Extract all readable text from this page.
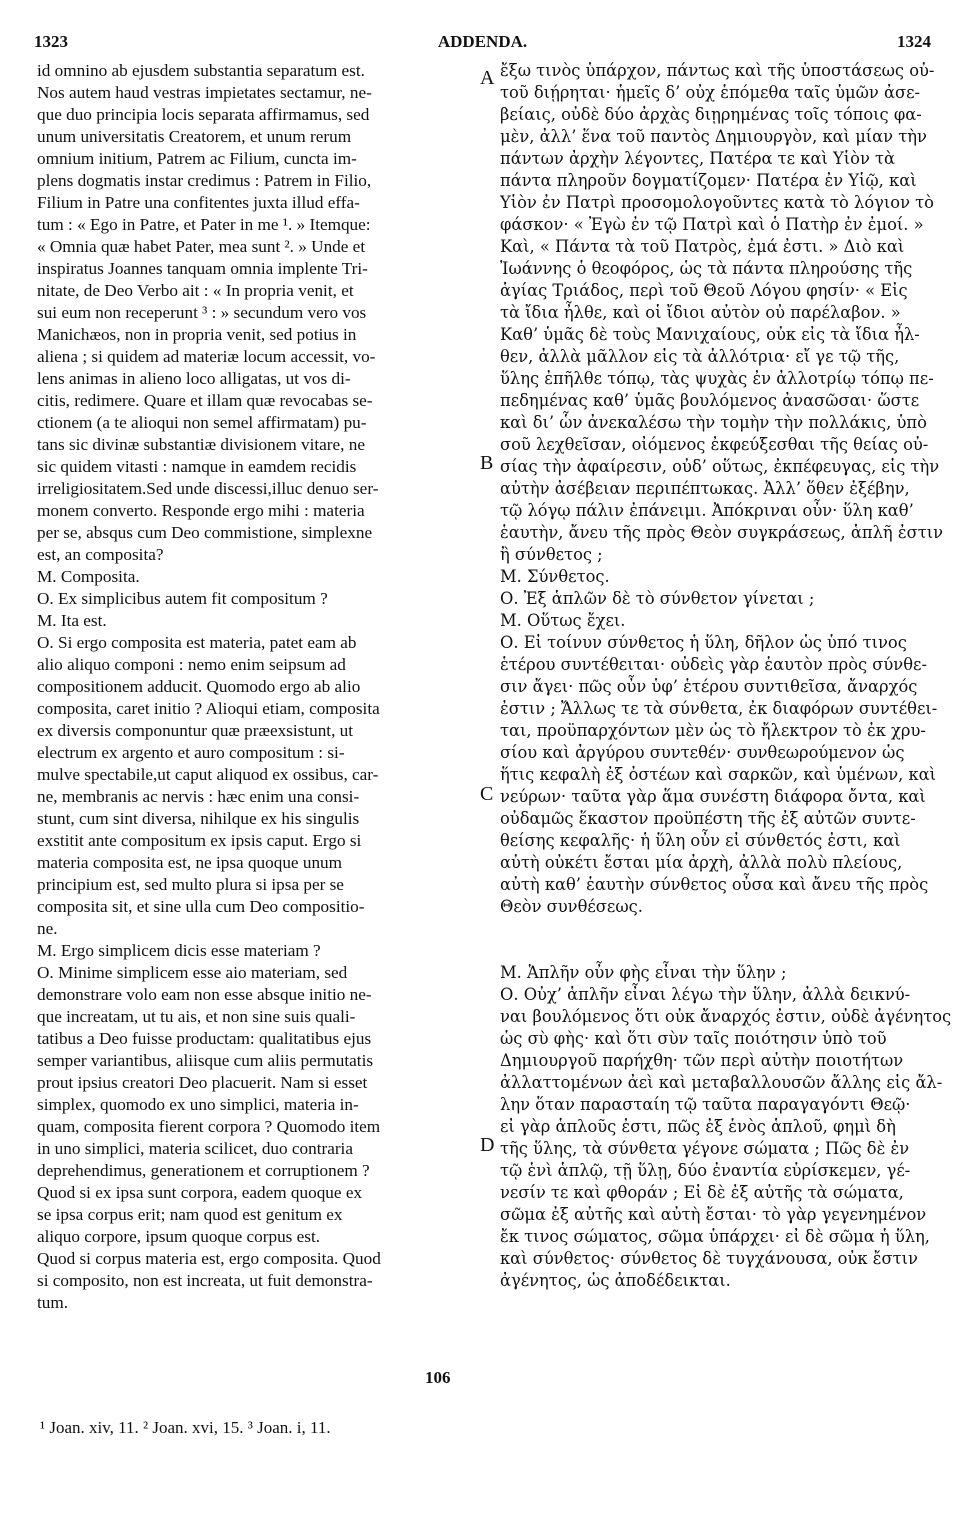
1323	ADDENDA.	1324
id omnino ab ejusdem substantia separatum est.
Nos autem haud vestras impietates sectamur, ne-
que duo principia locis separata affirmamus, sed
unum universitatis Creatorem, et unum rerum
omnium initium, Patrem ac Filium, cuncta im-
plens dogmatis instar credimus : Patrem in Filio,
Filium in Patre una confitentes juxta illud effa-
tum : « Ego in Patre, et Pater in me ¹. » Itemque:
« Omnia quæ habet Pater, mea sunt ². » Unde et
inspiratus Joannes tanquam omnia implente Tri-
nitate, de Deo Verbo ait : « In propria venit, et
sui eum non receperunt ³ : » secundum vero vos
Manichæos, non in propria venit, sed potius in
aliena ; si quidem ad materiæ locum accessit, vo-
lens animas in alieno loco alligatas, ut vos di-
citis, redimere. Quare et illam quæ revocabas se-
ctionem (a te alioqui non semel affirmatam) pu-
tans sic divinæ substantiæ divisionem vitare, ne
sic quidem vitasti : namque in eamdem recidis
irreligiositatem.Sed unde discessi,illuc denuo ser-
monem converto. Responde ergo mihi : materia
per se, absqus cum Deo commistione, simplexne
est, an composita?
M. Composita.
O. Ex simplicibus autem fit compositum ?
M. Ita est.
O. Si ergo composita est materia, patet eam ab
alio aliquo componi : nemo enim seipsum ad
compositionem adducit. Quomodo ergo ab alio
composita, caret initio ? Alioqui etiam, composita
ex diversis componuntur quæ præexsistunt, ut
electrum ex argento et auro compositum : si-
mulve spectabile,ut caput aliquod ex ossibus, car-
ne, membranis ac nervis : hæc enim una consi-
stunt, cum sint diversa, nihilque ex his singulis
exstitit ante compositum ex ipsis caput. Ergo si
materia composita est, ne ipsa quoque unum
principium est, sed multo plura si ipsa per se
composita sit, et sine ulla cum Deo compositio-
ne.
M. Ergo simplicem dicis esse materiam ?
O. Minime simplicem esse aio materiam, sed
demonstrare volo eam non esse absque initio ne-
que increatam, ut tu ais, et non sine suis quali-
tatibus a Deo fuisse productam: qualitatibus ejus
semper variantibus, aliisque cum aliis permutatis
prout ipsius creatori Deo placuerit. Nam si esset
simplex, quomodo ex uno simplici, materia in-
quam, composita fierent corpora ? Quomodo item
in uno simplici, materia scilicet, duo contraria
deprehendimus, generationem et corruptionem ?
Quod si ex ipsa sunt corpora, eadem quoque ex
se ipsa corpus erit; nam quod est genitum ex
aliquo corpore, ipsum quoque corpus est.
Quod si corpus materia est, ergo composita. Quod
si composito, non est increata, ut fuit demonstra-
tum.
ἔξω τινὸς ὑπάρχον, πάντως καὶ τῆς ὑποστάσεως οὐ-
τοῦ διῄρηται· ἡμεῖς δ’ οὐχ ἑπόμεθα ταῖς ὑμῶν ἀσε-
βείαις, οὐδὲ δύο ἀρχὰς διῃρημένας τοῖς τόποις φα-
μὲν, ἀλλ’ ἕνα τοῦ παντὸς Δημιουργὸν, καὶ μίαν τὴν
πάντων ἀρχὴν λέγοντες, Πατέρα τε καὶ Υἱὸν τὰ
πάντα πληροῦν δογματίζομεν· Πατέρα ἐν Υἱῷ, καὶ
Υἱὸν ἐν Πατρὶ προσομολογοῦντες κατὰ τὸ λόγιον τὸ
φάσκον· « Ἐγὼ ἐν τῷ Πατρὶ καὶ ὁ Πατὴρ ἐν ἐμοί. »
Καὶ, « Πάντα τὰ τοῦ Πατρὸς, ἐμά ἐστι. » Διὸ καὶ
Ἰωάννης ὁ θεοφόρος, ὡς τὰ πάντα πληρούσης τῆς
ἁγίας Τριάδος, περὶ τοῦ Θεοῦ Λόγου φησίν· « Εἰς
τὰ ἴδια ἦλθε, καὶ οἱ ἴδιοι αὐτὸν οὐ παρέλαβον. »
Καθ’ ὑμᾶς δὲ τοὺς Μανιχαίους, οὐκ εἰς τὰ ἴδια ἦλ-
θεν, ἀλλὰ μᾶλλον εἰς τὰ ἀλλότρια· εἴ γε τῷ τῆς,
ὕλης ἐπῆλθε τόπῳ, τὰς ψυχὰς ἐν ἀλλοτρίῳ τόπῳ πε-
πεδημένας καθ’ ὑμᾶς βουλόμενος ἀνασῶσαι· ὥστε
καὶ δι’ ὧν ἀνεκαλέσω τὴν τομὴν τὴν πολλάκις, ὑπὸ
σοῦ λεχθεῖσαν, οἰόμενος ἐκφεύξεσθαι τῆς θείας οὐ-
σίας τὴν ἀφαίρεσιν, οὐδ’ οὕτως, ἐκπέφευγας, εἰς τὴν
αὐτὴν ἀσέβειαν περιπέπτωκας. Ἀλλ’ ὅθεν ἐξέβην,
τῷ λόγῳ πάλιν ἐπάνειμι. Ἀπόκριναι οὖν· ὕλη καθ’
ἑαυτὴν, ἄνευ τῆς πρὸς Θεὸν συγκράσεως, ἁπλῆ ἐστιν
ἢ σύνθετος ;
Μ. Σύνθετος.
Ο. Ἐξ ἁπλῶν δὲ τὸ σύνθετον γίνεται ;
Μ. Οὕτως ἔχει.
Ο. Εἰ τοίνυν σύνθετος ἡ ὕλη, δῆλον ὡς ὑπό τινος
ἑτέρου συντέθειται· οὐδεὶς γὰρ ἑαυτὸν πρὸς σύνθε-
σιν ἄγει· πῶς οὖν ὑφ’ ἑτέρου συντιθεῖσα, ἄναρχός
ἐστιν ; Ἄλλως τε τὰ σύνθετα, ἐκ διαφόρων συντέθει-
ται, προϋπαρχόντων μὲν ὡς τὸ ἤλεκτρον τὸ ἐκ χρυ-
σίου καὶ ἀργύρου συντεθέν· συνθεωρούμενον ὡς
ἥτις κεφαλὴ ἐξ ὀστέων καὶ σαρκῶν, καὶ ὑμένων, καὶ
νεύρων· ταῦτα γὰρ ἅμα συνέστη διάφορα ὄντα, καὶ
οὐδαμῶς ἕκαστον προϋπέστη τῆς ἐξ αὐτῶν συντε-
θείσης κεφαλῆς· ἡ ὕλη οὖν εἰ σύνθετός ἐστι, καὶ
αὐτὴ οὐκέτι ἔσται μία ἀρχὴ, ἀλλὰ πολὺ πλείους,
αὐτὴ καθ’ ἑαυτὴν σύνθετος οὖσα καὶ ἄνευ τῆς πρὸς
Θεὸν συνθέσεως.

Μ. Ἁπλῆν οὖν φὴς εἶναι τὴν ὕλην ;
Ο. Οὐχ’ ἁπλῆν εἶναι λέγω τὴν ὕλην, ἀλλὰ δεικνύ-
ναι βουλόμενος ὅτι οὐκ ἄναρχός ἐστιν, οὐδὲ ἀγένητος
ὡς σὺ φὴς· καὶ ὅτι σὺν ταῖς ποιότησιν ὑπὸ τοῦ
Δημιουργοῦ παρήχθη· τῶν περὶ αὐτὴν ποιοτήτων
ἀλλαττομένων ἀεὶ καὶ μεταβαλλουσῶν ἄλλης εἰς ἄλ-
λην ὅταν παρασταίη τῷ ταῦτα παραγαγόντι Θεῷ·
εἰ γὰρ ἁπλοῦς ἐστι, πῶς ἐξ ἑνὸς ἁπλοῦ, φημὶ δὴ
τῆς ὕλης, τὰ σύνθετα γέγονε σώματα ; Πῶς δὲ ἐν
τῷ ἑνὶ ἁπλῷ, τῇ ὕλῃ, δύο ἐναντία εὑρίσκεμεν, γέ-
νεσίν τε καὶ φθοράν ; Εἰ δὲ ἐξ αὐτῆς τὰ σώματα,
σῶμα ἐξ αὐτῆς καὶ αὐτὴ ἔσται· τὸ γὰρ γεγενημένον
ἔκ τινος σώματος, σῶμα ὑπάρχει· εἰ δὲ σῶμα ἡ ὕλη,
καὶ σύνθετος· σύνθετος δὲ τυγχάνουσα, οὐκ ἔστιν
ἀγένητος, ὡς ἀποδέδεικται.
A
B
C
D
106
¹ Joan. xiv, 11. ² Joan. xvi, 15. ³ Joan. i, 11.
